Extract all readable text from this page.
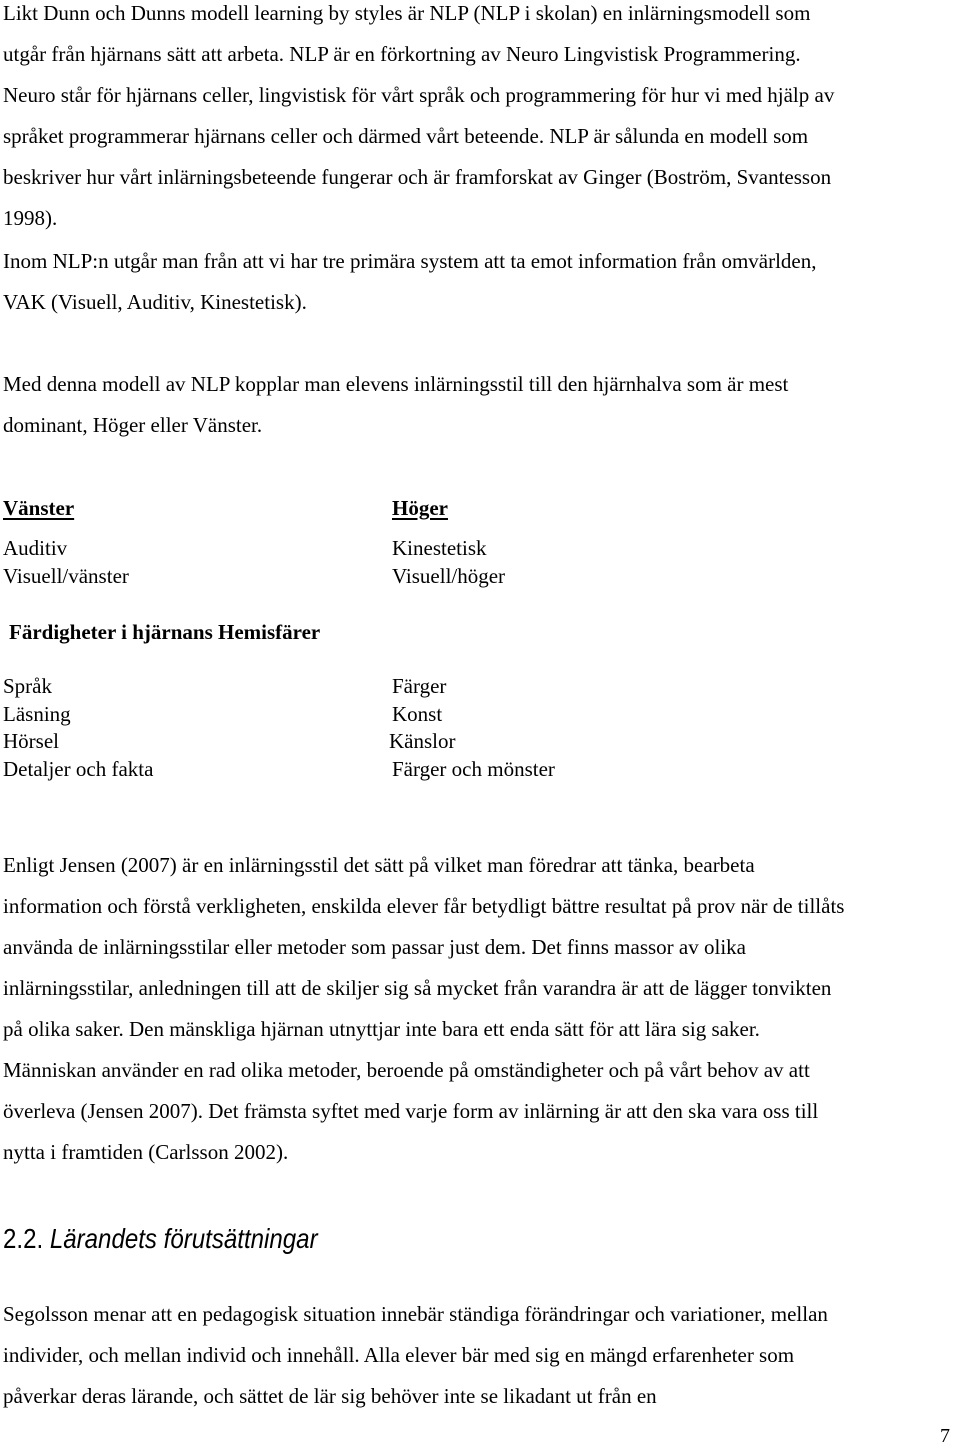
Likt Dunn och Dunns modell learning by styles är NLP (NLP i skolan) en inlärningsmodell som

utgår från hjärnans sätt att arbeta. NLP är en förkortning av Neuro Lingvistisk Programmering.

Neuro står för hjärnans celler, lingvistisk för vårt språk och programmering för hur vi med hjälp av

språket programmerar hjärnans celler och därmed vårt beteende. NLP är sålunda en modell som

beskriver hur vårt inlärningsbeteende fungerar och är framforskat av Ginger (Boström, Svantesson

1998).

Inom NLP:n utgår man från att vi har tre primära system att ta emot information från omvärlden,

VAK (Visuell, Auditiv, Kinestetisk).

Med denna modell av NLP kopplar man elevens inlärningsstil till den hjärnhalva som är mest

dominant, Höger eller Vänster.

Vänster	Höger

Auditiv

Visuell/vänster

Kinestetisk

Visuell/höger

Färdigheter i hjärnans Hemisfärer

Språk

Läsning

Hörsel

Detaljer och fakta

Färger

Konst

Känslor

Färger och mönster

Enligt Jensen (2007) är en inlärningsstil det sätt på vilket man föredrar att tänka, bearbeta

information och förstå verkligheten, enskilda elever får betydligt bättre resultat på prov när de tillåts

använda de inlärningsstilar eller metoder som passar just dem. Det finns massor av olika

inlärningsstilar, anledningen till att de skiljer sig så mycket från varandra är att de lägger tonvikten

på olika saker. Den mänskliga hjärnan utnyttjar inte bara ett enda sätt för att lära sig saker.

Människan använder en rad olika metoder, beroende på omständigheter och på vårt behov av att

överleva (Jensen 2007). Det främsta syftet med varje form av inlärning är att den ska vara oss till

nytta i framtiden (Carlsson 2002).

2.2. Lärandets förutsättningar

Segolsson menar att en pedagogisk situation innebär ständiga förändringar och variationer, mellan

individer, och mellan individ och innehåll. Alla elever bär med sig en mängd erfarenheter som

påverkar deras lärande, och sättet de lär sig behöver inte se likadant ut från en

7
